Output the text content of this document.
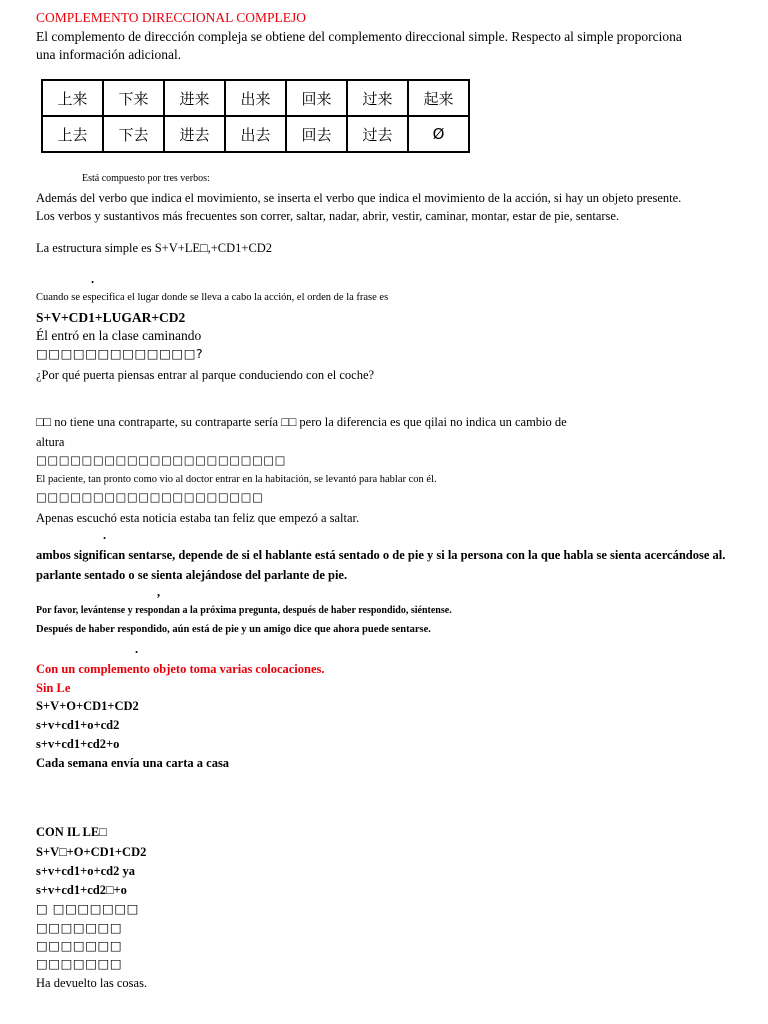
COMPLEMENTO DIRECCIONAL COMPLEJO
El complemento de dirección compleja se obtiene del complemento direccional simple. Respecto al simple proporciona
una información adicional.
上来	下来	进来	出来	回来	过来	起来
上去	下去	进去	出去	回去	过去	Ø
Está compuesto por tres verbos:
Además del verbo que indica el movimiento, se inserta el verbo que indica el movimiento de la acción, si hay un objeto presente.
Los verbos y sustantivos más frecuentes son correr, saltar, nadar, abrir, vestir, caminar, montar, estar de pie, sentarse.
La estructura simple es S+V+LE□,+CD1+CD2
.
Cuando se especifica el lugar donde se lleva a cabo la acción, el orden de la frase es
S+V+CD1+LUGAR+CD2
Él entró en la clase caminando
□□□□□□□□□□□□□?
¿Por qué puerta piensas entrar al parque conduciendo con el coche?
□□ no tiene una contraparte, su contraparte sería □□ pero la diferencia es que qilai no indica un cambio de
altura
□□□□□□□□□□□□□□□□□□□□□□
El paciente, tan pronto como vio al doctor entrar en la habitación, se levantó para hablar con él.
□□□□□□□□□□□□□□□□□□□□
Apenas escuchó esta noticia estaba tan feliz que empezó a saltar.
.
ambos significan sentarse, depende de si el hablante está sentado o de pie y si la persona con la que habla se sienta acercándose al.
parlante sentado o se sienta alejándose del parlante de pie.
,
Por favor, levántense y respondan a la próxima pregunta, después de haber respondido, siéntense.
Después de haber respondido, aún está de pie y un amigo dice que ahora puede sentarse.
.
Con un complemento objeto toma varias colocaciones.
Sin Le
S+V+O+CD1+CD2
s+v+cd1+o+cd2
s+v+cd1+cd2+o
Cada semana envía una carta a casa
CON IL LE□
S+V□+O+CD1+CD2
s+v+cd1+o+cd2 ya
s+v+cd1+cd2□+o
□ □□□□□□□
□□□□□□□
□□□□□□□
□□□□□□□
Ha devuelto las cosas.
